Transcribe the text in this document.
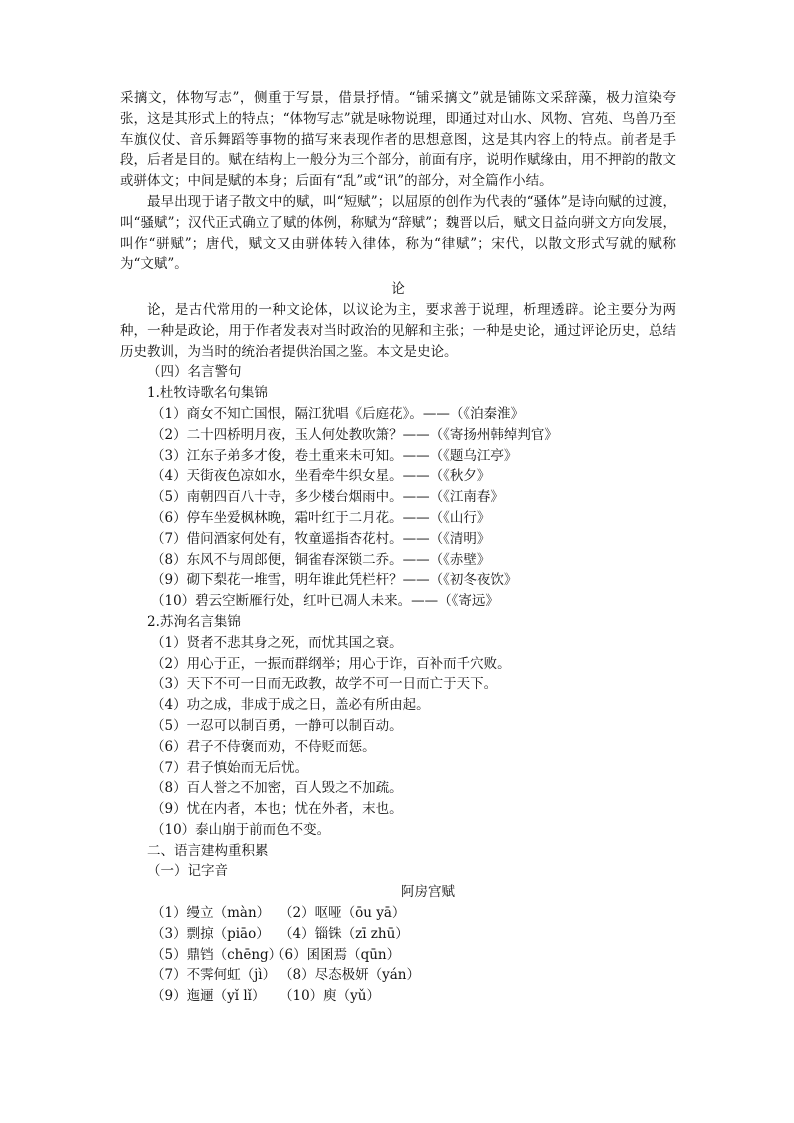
采摛文，体物写志”，侧重于写景，借景抒情。“铺采摛文”就是铺陈文采辞藻，极力渲染夸张，这是其形式上的特点；“体物写志”就是咏物说理，即通过对山水、风物、宫苑、鸟兽乃至车旗仪仗、音乐舞蹈等事物的描写来表现作者的思想意图，这是其内容上的特点。前者是手段，后者是目的。赋在结构上一般分为三个部分，前面有序，说明作赋缘由，用不押韵的散文或骈体文；中间是赋的本身；后面有“乱”或“讯”的部分，对全篇作小结。

最早出现于诸子散文中的赋，叫“短赋”；以屈原的创作为代表的“骚体”是诗向赋的过渡，叫“骚赋”；汉代正式确立了赋的体例，称赋为“辞赋”；魏晋以后，赋文日益向骈文方向发展，叫作“骈赋”；唐代，赋文又由骈体转入律体，称为“律赋”；宋代，以散文形式写就的赋称为“文赋”。

论

论，是古代常用的一种文论体，以议论为主，要求善于说理，析理透辟。论主要分为两种，一种是政论，用于作者发表对当时政治的见解和主张；一种是史论，通过评论历史，总结历史教训，为当时的统治者提供治国之鉴。本文是史论。

（四）名言警句

1.杜牧诗歌名句集锦

（1）商女不知亡国恨，隔江犹唱《后庭花》。——（《泊秦淮》

（2）二十四桥明月夜，玉人何处教吹箫？——（《寄扬州韩绰判官》

（3）江东子弟多才俊，卷土重来未可知。——（《题乌江亭》

（4）天街夜色凉如水，坐看牵牛织女星。——（《秋夕》

（5）南朝四百八十寺，多少楼台烟雨中。——（《江南春》

（6）停车坐爱枫林晚，霜叶红于二月花。——（《山行》

（7）借问酒家何处有，牧童遥指杏花村。——（《清明》

（8）东风不与周郎便，铜雀春深锁二乔。——（《赤壁》

（9）砌下梨花一堆雪，明年谁此凭栏杆？——（《初冬夜饮》

（10）碧云空断雁行处，红叶已凋人未来。——（《寄远》

2.苏洵名言集锦

（1）贤者不悲其身之死，而忧其国之衰。

（2）用心于正，一振而群纲举；用心于诈，百补而千穴败。

（3）天下不可一日而无政教，故学不可一日而亡于天下。

（4）功之成，非成于成之日，盖必有所由起。

（5）一忍可以制百勇，一静可以制百动。

（6）君子不侍褒而劝，不侍贬而惩。

（7）君子慎始而无后忧。

（8）百人誉之不加密，百人毁之不加疏。

（9）忧在内者，本也；忧在外者，末也。

（10）泰山崩于前而色不变。

二、语言建构重积累

（一）记字音

阿房宫赋

（1）缦立（màn） （2）呕哑（ōu yā）

（3）剽掠（piāo） （4）锱铢（zī zhū）

（5）鼎铛（chēng）（6）囷囷焉（qūn）

（7）不霁何虹（jì） （8）尽态极妍（yán）

（9）迤逦（yǐ lǐ） （10）庾（yǔ）
